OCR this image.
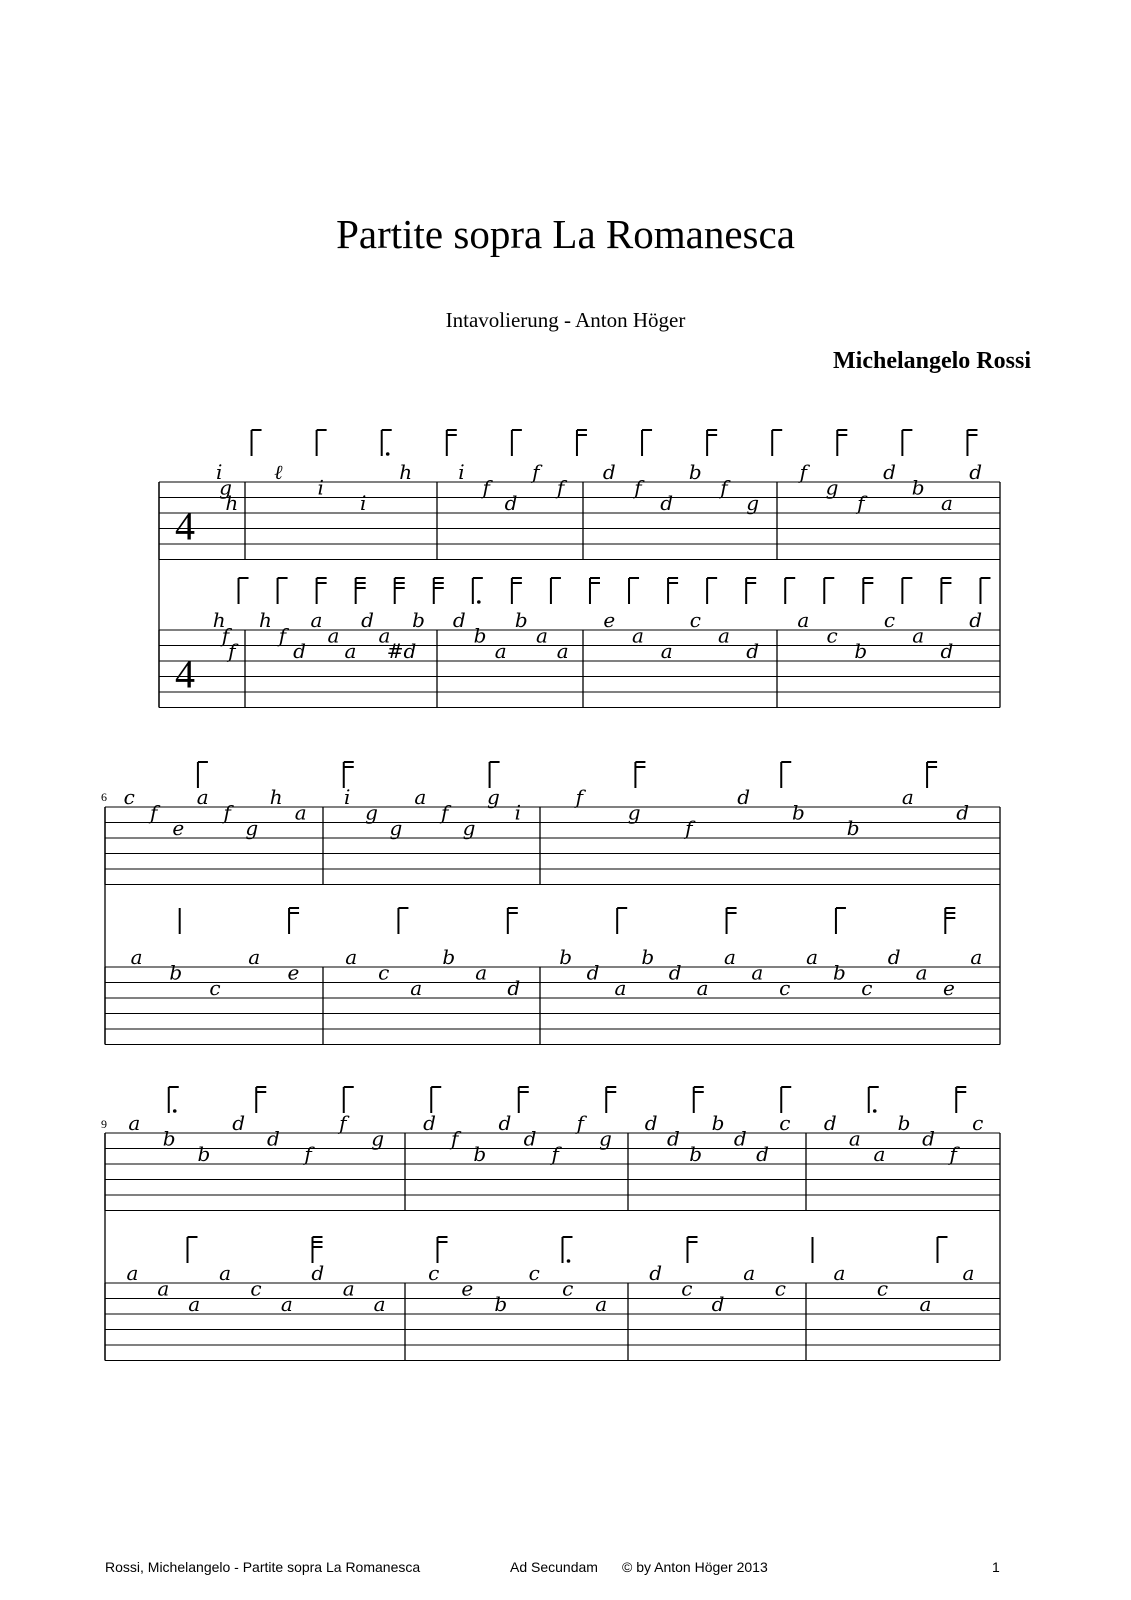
Partite sopra La Romanesca
Intavolierung - Anton Höger
Michelangelo Rossi
6
9
4
i
g
h
ℓ
i
i
h i
f
d
f
f
d
f
d
b
f
g
f
g
f
d
b
a
d
4
h
f
f
h
f
d
a
a
a
d
a
#d
b d
b
a
b
a
a
e
a
a
c
a
d
a
c
b
c
a
d
d
c
f
e
a
f
g
h
a
i
g
g
a
f
g
g
i
f
g
f
d
b
b
a
d
a
b
c
a
e
a
c
a
b
a
d
b
d
a
b
d
a
a
a
c
a
b
c
d
a
e
a
a
b
b
d
d
f
f
g
d
f
b
d
d
f
f
g
d
d
b
b
d
d
c d
a
a
b
d
f
c
a
a
a
a
c
a
d
a
a
c
e
b
c
c
a
d
c
d
a
c
a
c
a
a
Rossi, Michelangelo - Partite sopra La Romanesca	Ad Secundam © by Anton Höger 2013	1
